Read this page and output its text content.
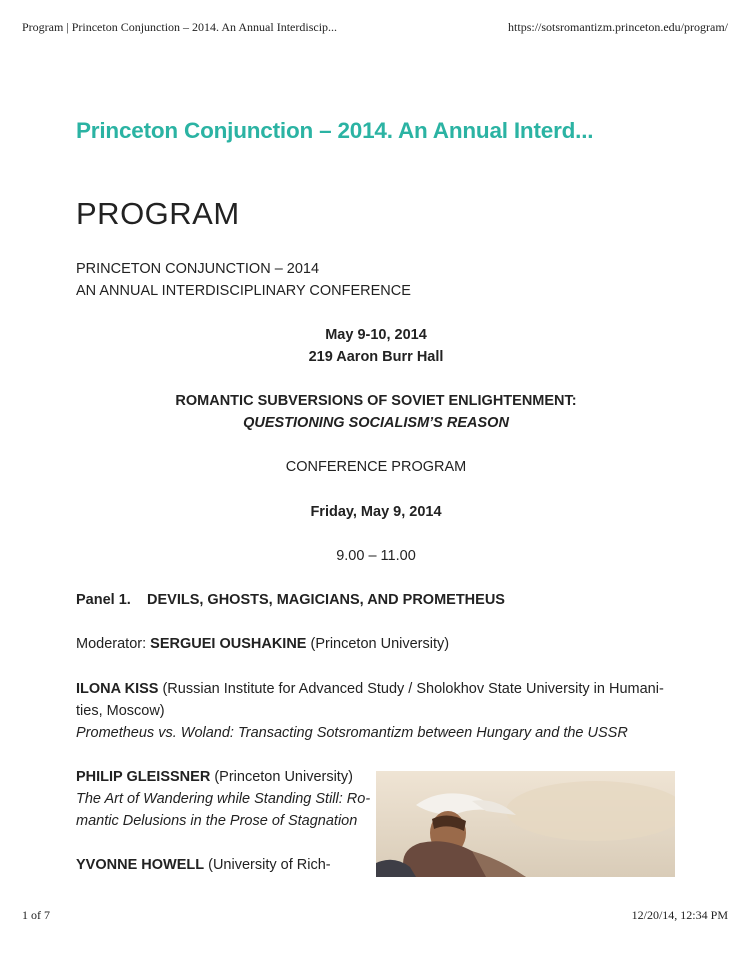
Program | Princeton Conjunction – 2014. An Annual Interdiscip...	https://sotsromantizm.princeton.edu/program/
Princeton Conjunction – 2014. An Annual Interd...
PROGRAM
PRINCETON CONJUNCTION – 2014
AN ANNUAL INTERDISCIPLINARY CONFERENCE
May 9-10, 2014
219 Aaron Burr Hall
ROMANTIC SUBVERSIONS OF SOVIET ENLIGHTENMENT:
QUESTIONING SOCIALISM’S REASON
CONFERENCE PROGRAM
Friday, May 9, 2014
9.00 – 11.00
Panel 1. DEVILS, GHOSTS, MAGICIANS, AND PROMETHEUS
Moderator: SERGUEI OUSHAKINE (Princeton University)
ILONA KISS (Russian Institute for Advanced Study / Sholokhov State University in Humani-
ties, Moscow)
Prometheus vs. Woland: Transacting Sotsromantizm between Hungary and the USSR
PHILIP GLEISSNER (Princeton University)
The Art of Wandering while Standing Still: Ro-
mantic Delusions in the Prose of Stagnation
YVONNE HOWELL (University of Rich-
1 of 7	12/20/14, 12:34 PM
